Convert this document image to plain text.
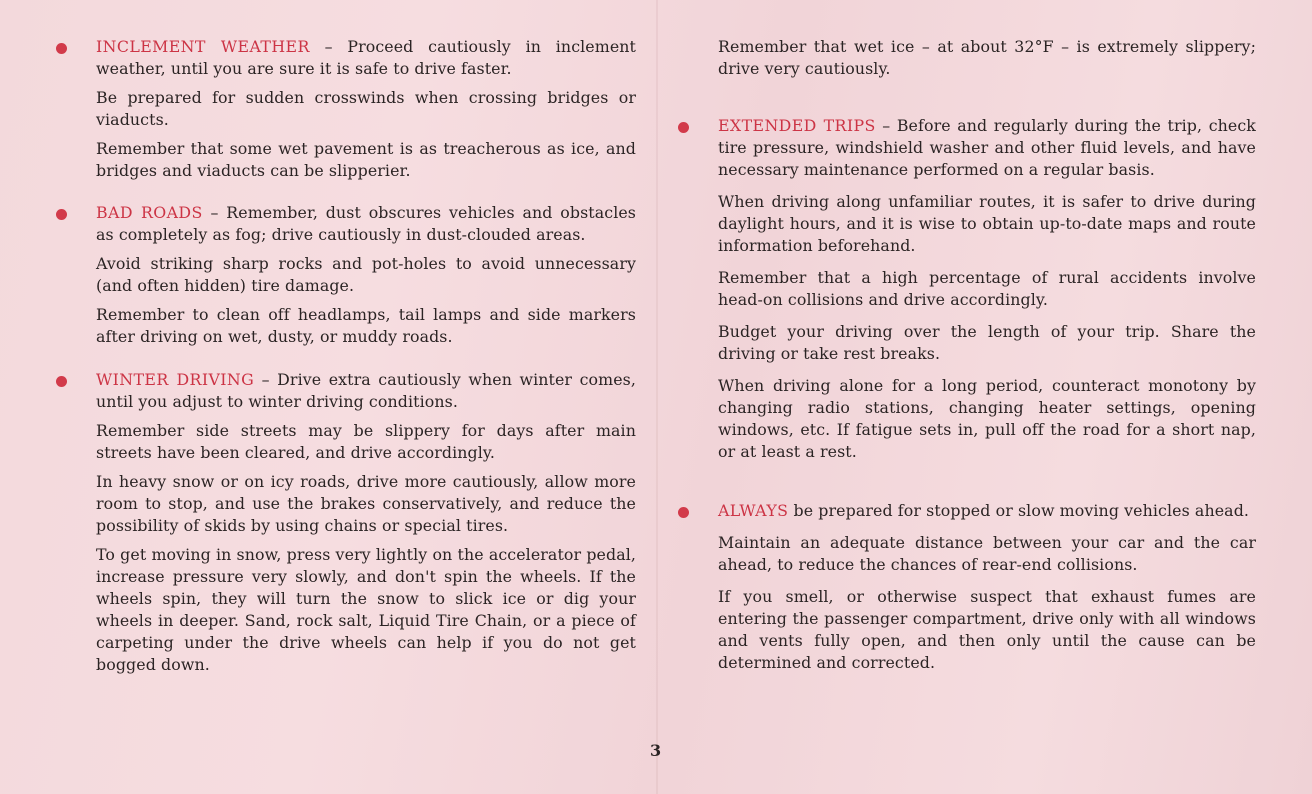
INCLEMENT WEATHER – Proceed cautiously in inclement weather, until you are sure it is safe to drive faster.

Be prepared for sudden crosswinds when crossing bridges or viaducts.

Remember that some wet pavement is as treacherous as ice, and bridges and viaducts can be slipperier.

BAD ROADS – Remember, dust obscures vehicles and obstacles as completely as fog; drive cautiously in dust-clouded areas.

Avoid striking sharp rocks and pot-holes to avoid unnecessary (and often hidden) tire damage.

Remember to clean off headlamps, tail lamps and side markers after driving on wet, dusty, or muddy roads.

WINTER DRIVING – Drive extra cautiously when winter comes, until you adjust to winter driving conditions.

Remember side streets may be slippery for days after main streets have been cleared, and drive accordingly.

In heavy snow or on icy roads, drive more cautiously, allow more room to stop, and use the brakes conservatively, and reduce the possibility of skids by using chains or special tires.

To get moving in snow, press very lightly on the accelerator pedal, increase pressure very slowly, and don't spin the wheels. If the wheels spin, they will turn the snow to slick ice or dig your wheels in deeper. Sand, rock salt, Liquid Tire Chain, or a piece of carpeting under the drive wheels can help if you do not get bogged down.

Remember that wet ice – at about 32°F – is extremely slippery; drive very cautiously.

EXTENDED TRIPS – Before and regularly during the trip, check tire pressure, windshield washer and other fluid levels, and have necessary maintenance performed on a regular basis.

When driving along unfamiliar routes, it is safer to drive during daylight hours, and it is wise to obtain up-to-date maps and route information beforehand.

Remember that a high percentage of rural accidents involve head-on collisions and drive accordingly.

Budget your driving over the length of your trip. Share the driving or take rest breaks.

When driving alone for a long period, counteract monotony by changing radio stations, changing heater settings, opening windows, etc. If fatigue sets in, pull off the road for a short nap, or at least a rest.

ALWAYS be prepared for stopped or slow moving vehicles ahead.

Maintain an adequate distance between your car and the car ahead, to reduce the chances of rear-end collisions.

If you smell, or otherwise suspect that exhaust fumes are entering the passenger compartment, drive only with all windows and vents fully open, and then only until the cause can be determined and corrected.

3
